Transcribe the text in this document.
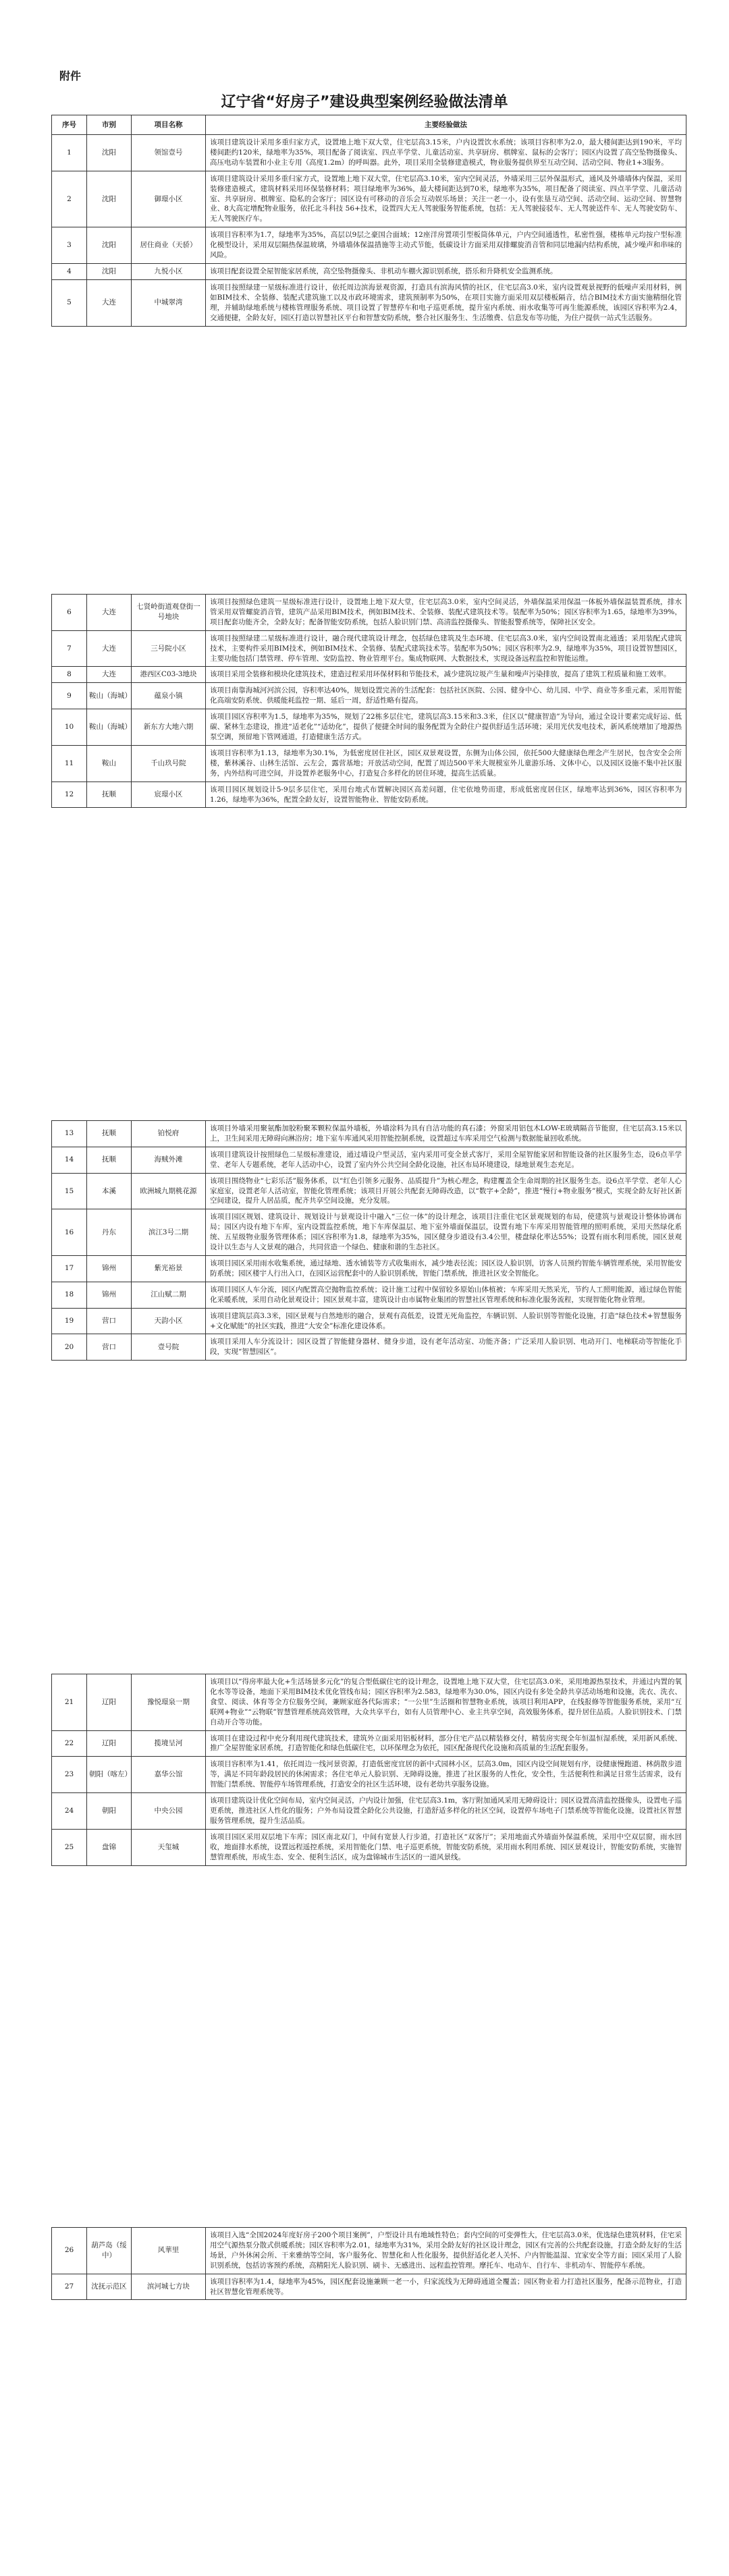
附件
辽宁省“好房子”建设典型案例经验做法清单
序号	市别	项目名称	主要经验做法
1	沈阳	领馆壹号	该项目建筑设计采用多重归家方式，设置地上地下双大堂，住宅层高3.15米，户内设置饮水系统；该项目容积率为2.0，最大楼间距达到190米，平均楼间距约120米，绿地率为35%，项目配备了阅读室、四点半学堂、儿童活动室、共享厨房、棋牌室、鼠标的会客厅；园区内设置了高空坠物摄像头、高压电动车装置和小业主专用（高度1.2m）的呼叫器。此外，项目采用全装修建造模式，物业服务提供界至互动空间、活动空间、物业1+3服务。
2	沈阳	御璟小区	该项目建筑设计采用多重归家方式，设置地上地下双大堂，住宅层高3.10米，室内空间灵活，外墙采用三层外保温形式，通风及外墙墙体内保温，采用装修建造模式，建筑材料采用环保装修材料；项目绿地率为36%，最大楼间距达到70米，绿地率为35%，项目配备了阅读室、四点半学堂、儿童活动室、共享厨房、棋牌室、隐私的会客厅；园区设有可移动的音乐会互动娱乐场景；关注一老一小，设有张垦互动空间、活动空间、运动空间、智慧物业、8大高定增配物业服务，依托北斗科技 56+技术，设置四大无人驾驶服务智能系统，包括：无人驾驶接驳车、无人驾驶送件车、无人驾驶安防车、无人驾驶医疗车。
3	沈阳	居住商业（天骄）	该项目容积率为1.7，绿地率为35%，高层以9层之豪国合面域；12座洋房置项引型板筒体单元，户内空间通透性，私密性强，楼栋单元均按户型标准化模型设计，采用双层隔热保温玻璃，外墙墙体保温措施等主动式节能，低碳设计方面采用双排螺旋消音管和同层地漏内结构系统，减少噪声和串味的风险。
4	沈阳	九悦小区	该项目配套设置全屋智能家居系统，高空坠物摄像头、非机动车棚火源识别系统，搭乐和升降机安全监测系统。
5	大连	中城翠湾	该项目按照绿建一星级标准进行设计，依托周边滨海景观资源，打造具有滨海风情的社区，住宅层高3.0米，室内设置观景视野的低噪声采用材料，例如BIM技术、全装修、装配式建筑施工以及市政环境需求，建筑预制率为50%，在项目实施方面采用双层楼板隔音，结合BIM技术方面实施精细化管理，并辅助绿地系统与楼栋管理服务系统、项目设置了智慧停车和电子巡更系统，提升室内系统、雨水收集等可再生能源系统，该园区容积率为2.4，交通便捷，全龄友好，园区打造以智慧社区平台和智慧安防系统，整合社区服务生、生活缴费、信息发布等功能，为住户提供一站式生活服务。
6	大连	七贤岭街道观登街一号地块	该项目按照绿色建筑一星级标准进行设计，设置地上地下双大堂，住宅层高3.0米，室内空间灵活，外墙保温采用保温一体板外墙保温装置系统，排水管采用双管螺旋消音管，建筑产品采用BIM技术，例如BIM技术、全装修、装配式建筑技术等。装配率为50%；园区容积率为1.65，绿地率为39%，项目配套功能齐全，全龄友好；配备智能安防系统，包括人脸识别门禁、高清监控摄像头、智能报警系统等，保障社区安全。
7	大连	三号院小区	该项目按照绿建二星级标准进行设计，融合现代建筑设计理念，包括绿色建筑及生态环境、住宅层高3.0米，室内空间设置南北通透；采用装配式建筑技术，主要构件采用BIM技术，例如BIM技术、全装修、装配式建筑技术等。装配率为50%；园区容积率为2.9，绿地率为35%，项目设置智慧园区，主要功能包括门禁管理、停车管理、安防监控、物业管理平台。集成物联网、大数据技术，实现设备远程监控和智能运维。
8	大连	港西区C03-3地块	该项目采用全装修和模块化建筑技术，建造过程采用环保材料和节能技术，减少建筑垃圾产生量和噪声污染排放，提高了建筑工程质量和施工效率。
9	鞍山（海城）	蕴泉小镇	该项目南靠海城河河滨公园，容积率达40%，规划设置完善的生活配套：包括社区医院、公园、健身中心、幼儿园、中学、商业等多重元素，采用智能化高端安防系统、供暖能耗监控一期、延后一周，舒适性略有提高。
10	鞍山（海城）	新东方大地六期	该项目园区容积率为1.5，绿地率为35%，规划了22栋多层住宅，建筑层高3.15米和3.3米，住区以“健康智造”为导向，通过全设计要素完成好运、低碳、紧林生态建设，推进“适老化”“适幼化”，提供了便捷全时间的服务配置为全龄住户提供舒适生活环境；采用光伏发电技术，新风系统增加了地源热泵空调，预留地下管网通道，打造健康生活方式。
11	鞍山	千山玖号院	该项目容积率为1.13，绿地率为30.1%，为低密度居住社区，园区双景观设置，东侧为山体公园，依托500大健康绿色理念产生居民，包含安全会所楼，紫林溪谷、山林生活馆、云左会，露营基地；开放活动空间，配置了周边500平米大规模室外儿童游乐场、文体中心，以及园区设施不集中社区服务，内外结构可进空间，并设置养老服务中心，打造复合多样化的居住环境，提高生活质量。
12	抚顺	宸璟小区	该项目园区规划设计5-9层多层住宅，采用台地式布置解决园区高差问题，住宅依地势而建，形成低密度居住区，绿地率达到36%，园区容积率为1.26，绿地率为36%，配置全龄友好，设置智能物业、智能安防系统。
13	抚顺	铂悦府	该项目外墙采用聚氨酯加胶粉聚苯颗粒保温外墙板，外墙涂料为具有自洁功能的真石漆；外窗采用铝包木LOW-E玻璃隔音节能窗，住宅层高3.15米以上，卫生间采用无障碍向淋浴房；地下室车库通风采用智能控制系统，设置超过车库采用空气检测与数据能量回收系统。
14	抚顺	海贼外滩	该项目建筑设计按照绿色二星级标准建设，通过墙设户型灵活，室内采用可变全景式客厅，采用全屋智能家居和智能设备的社区服务生态，设6点半学堂、老年人专题系统，老年人活动中心，设置了室内外公共空间全龄化设施，社区布局环境建设，绿地景观生态充足。
15	本溪	欧洲城九期桃花源	该项目围绕物业“七彩乐活”服务体系，以“红色引领多元服务、品质提升”为核心理念，构建覆盖全生命周期的社区服务生态。设6点半学堂、老年人心家庭室，设置老年人活动室，智能化管理系统；该项目开展公共配套无障碍改造，以“数字+全龄”，推进“慢行+物业服务”模式，实现全龄友好社区新空间建设，提升人居品质，配齐共享空间设施，充分发展。
16	丹东	滨江3号二期	该项目园区规划、建筑设计、规划设计与景观设计中融入“三位一体”的设计理念，该项目注重住宅区景观规划的布局，使建筑与景观设计整体协调布局；园区内设有地下车库，室内设置监控系统，地下车库保温层、地下室外墙面保温层，设置有地下车库采用智能管理的照明系统，采用天然绿化系统、五星级物业服务管理体系；园区容积率为1.8，绿地率为35%，园区健身步道设有3.4公里，楼盘绿化率达55%；设置有雨水利用系统，园区景观设计以生态与人文景观的融合，共同营造一个绿色、健康和谐的生态社区。
17	锦州	紫光裕景	该项目园区采用雨水收集系统，通过绿地、透水铺装等方式收集雨水，减少地表径流；园区设人脸识别，访客人员预约智能车辆管理系统，采用智能安防系统；园区楼宇人行出入口，在园区运营配套中的人脸识别系统，智能门禁系统，推进社区安全智能化。
18	锦州	江山赋二期	该项目园区人车分流，园区内配置高空抛物监控系统；设计施工过程中保留较多原始山体植被；车库采用天然采光，节约人工照明能源，通过绿色智能化采暖系统，采用自动化景观设计；园区景观丰富，建筑设计由市属物业集团的智慧社区管理系统和标准化服务流程，实现智能化物业管理。
19	营口	天韵小区	该项目建筑层高3.3米，园区景观与自然地形的融合，景观有高低差，设置无死角监控，车辆识别、人脸识别等智能化设施，打造“绿色技术+智慧服务+文化赋能”的社区实践，推进“大安全”标准化建设体系。
20	营口	壹号院	该项目采用人车分流设计；园区设置了智能健身器材、健身步道，设有老年活动室、功能齐备；广泛采用人脸识别、电动开门、电梯联动等智能化手段，实现“智慧园区”。
21	辽阳	豫悦璟泉一期	该项目以“得房率最大化+生活场景多元化”的复合型低碳住宅的设计理念，设置地上地下双大堂，住宅层高3.0米，采用地源热泵技术，并通过内置的氧化水等等设备，地面下采用BIM技术优化管线布局；园区容积率为2.583，绿地率为30.0%，园区内设有多处全龄共享活动场地和设施，洗衣、洗衣、食堂、阅读、体育等全方位服务空间，兼顾家庭各代际需求；“一公里”生活圈和智慧物业系统，该项目利用APP，在线报修等智能服务系统，采用“互联网+物业”“云物联”智慧管理系统高效管理，大众共享平台，如有人员管理中心、业主共享空间，高效服务体系，提升居住品质。人脸识别技术、门禁自动开合等功能。
22	辽阳	揽境呈河	该项目在建设过程中充分利用现代建筑技术，建筑外立面采用铝板材料，部分住宅产品以精装修交付，精装房实现全年恒温恒湿系统，采用新风系统、推广全屋智能家居系统，打造智能化和绿色低碳住宅，以环保理念为依托，园区配备现代化设施和高质量的生活配套服务。
23	朝阳（喀左）	嘉华公馆	该项目容积率为1.41，依托周边一线河景资源，打造低密度宜居的新中式园林小区，层高3.0m，园区内设空间规划有序，设健康慢跑道、林荫散步道等，满足不同年龄段居民的休闲需求；各住宅单元人脸识别、无障碍设施，推进了社区服务的人性化，安全性，生活便利性和满足日常生活需求，设有智能门禁系统、智能停车场管理系统，打造安全的社区生活环境，设有老幼共享服务设施。
24	朝阳	中央公园	该项目建筑设计优化空间布局，室内空间灵活，户内设计加强，住宅层高3.1m，客厅附加通风采用无障碍设计；园区设置高清监控摄像头，设置电子巡更系统，推进社区人性化的服务；户外布局设置全龄化公共设施，打造舒适多样化的社区空间，设置停车场电子门禁系统等智能化设施，设置社区智慧服务管理系统，提升生活品质。
25	盘锦	天玺城	该项目园区采用双层地下车库；园区南北双门，中间有宽景人行步道，打造社区“双客厅”；采用地面式外墙面外保温系统，采用中空双层窗，雨水回收，地面排水系统，设置远程遥控系统，采用智能化门禁、电子巡更系统，智能安防系统，采用雨水利用系统、园区景观设计，智能安防系统，实施智慧管理系统，形成生态、安全、便利生活区，成为盘锦城市生活区的一道风景线。
26	葫芦岛（绥中）	风華里	该项目入选“全国2024年度好房子200个项目案例”，户型设计具有地域性特色；套内空间的可变弹性大，住宅层高3.0米，优选绿色建筑材料，住宅采用空气源热泵分散式供暖系统；园区容积率为2.01，绿地率为31%，采用全龄友好的社区设计理念，园区有完善的公共配套设施，打造全龄友好的生活场景，户外休闲会所、干来雅纳等空间，客户服务化、智慧化和人性化服务，提供舒适化老人关怀、户内智能温湿、宜家安全等方面；园区采用了人脸识别系统，包括访客预约系统，高精阳光人脸识别、刷卡、无感进出、远程监控管理。摩托车、电动车、自行车、非机动车、智能停车系统。
27	沈抚示范区	滨河城七方块	该项目容积率为1.4，绿地率为45%，园区配套设施兼顾一老一小，归家流线为无障碍通道全覆盖；园区物业着力打造社区服务，配备示范物业，打造社区智慧化管理系统等。
